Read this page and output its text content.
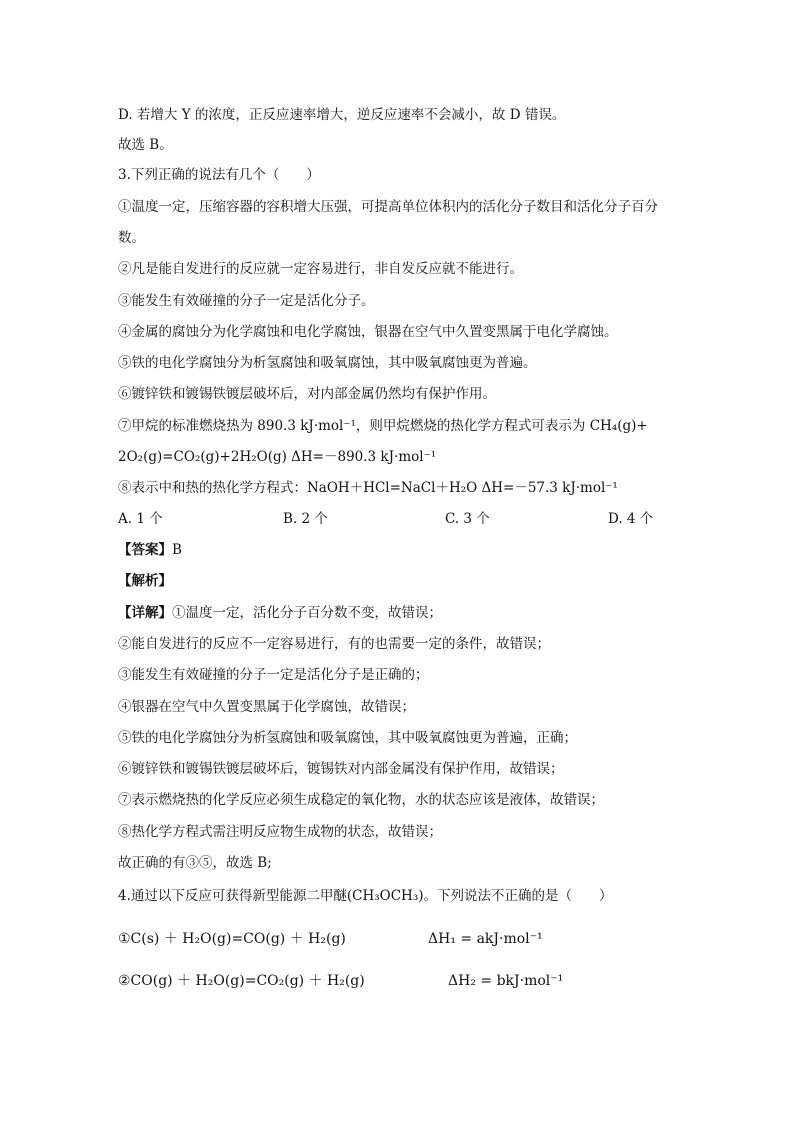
D. 若增大 Y 的浓度，正反应速率增大，逆反应速率不会减小，故 D 错误。
故选 B。
3.下列正确的说法有几个（　　）
①温度一定，压缩容器的容积增大压强，可提高单位体积内的活化分子数目和活化分子百分
数。
②凡是能自发进行的反应就一定容易进行，非自发反应就不能进行。
③能发生有效碰撞的分子一定是活化分子。
④金属的腐蚀分为化学腐蚀和电化学腐蚀，银器在空气中久置变黑属于电化学腐蚀。
⑤铁的电化学腐蚀分为析氢腐蚀和吸氧腐蚀，其中吸氧腐蚀更为普遍。
⑥镀锌铁和镀锡铁镀层破坏后，对内部金属仍然均有保护作用。
⑦甲烷的标准燃烧热为 890.3 kJ·mol⁻¹，则甲烷燃烧的热化学方程式可表示为 CH₄(g)+
2O₂(g)=CO₂(g)+2H₂O(g) ΔH=－890.3 kJ·mol⁻¹
⑧表示中和热的热化学方程式：NaOH＋HCl=NaCl＋H₂O ΔH=－57.3 kJ·mol⁻¹
A. 1 个	B. 2 个	C. 3 个	D. 4 个
【答案】B
【解析】
【详解】①温度一定，活化分子百分数不变，故错误；
②能自发进行的反应不一定容易进行，有的也需要一定的条件，故错误；
③能发生有效碰撞的分子一定是活化分子是正确的；
④银器在空气中久置变黑属于化学腐蚀，故错误；
⑤铁的电化学腐蚀分为析氢腐蚀和吸氧腐蚀，其中吸氧腐蚀更为普遍，正确；
⑥镀锌铁和镀锡铁镀层破坏后，镀锡铁对内部金属没有保护作用，故错误；
⑦表示燃烧热的化学反应必须生成稳定的氧化物，水的状态应该是液体，故错误；
⑧热化学方程式需注明反应物生成物的状态，故错误；
故正确的有③⑤，故选 B;
4.通过以下反应可获得新型能源二甲醚(CH₃OCH₃)。下列说法不正确的是（　　）
①C(s) ＋ H₂O(g)=CO(g) ＋ H₂(g)	ΔH₁ = akJ·mol⁻¹
②CO(g) ＋ H₂O(g)=CO₂(g) ＋ H₂(g)	ΔH₂ = bkJ·mol⁻¹
